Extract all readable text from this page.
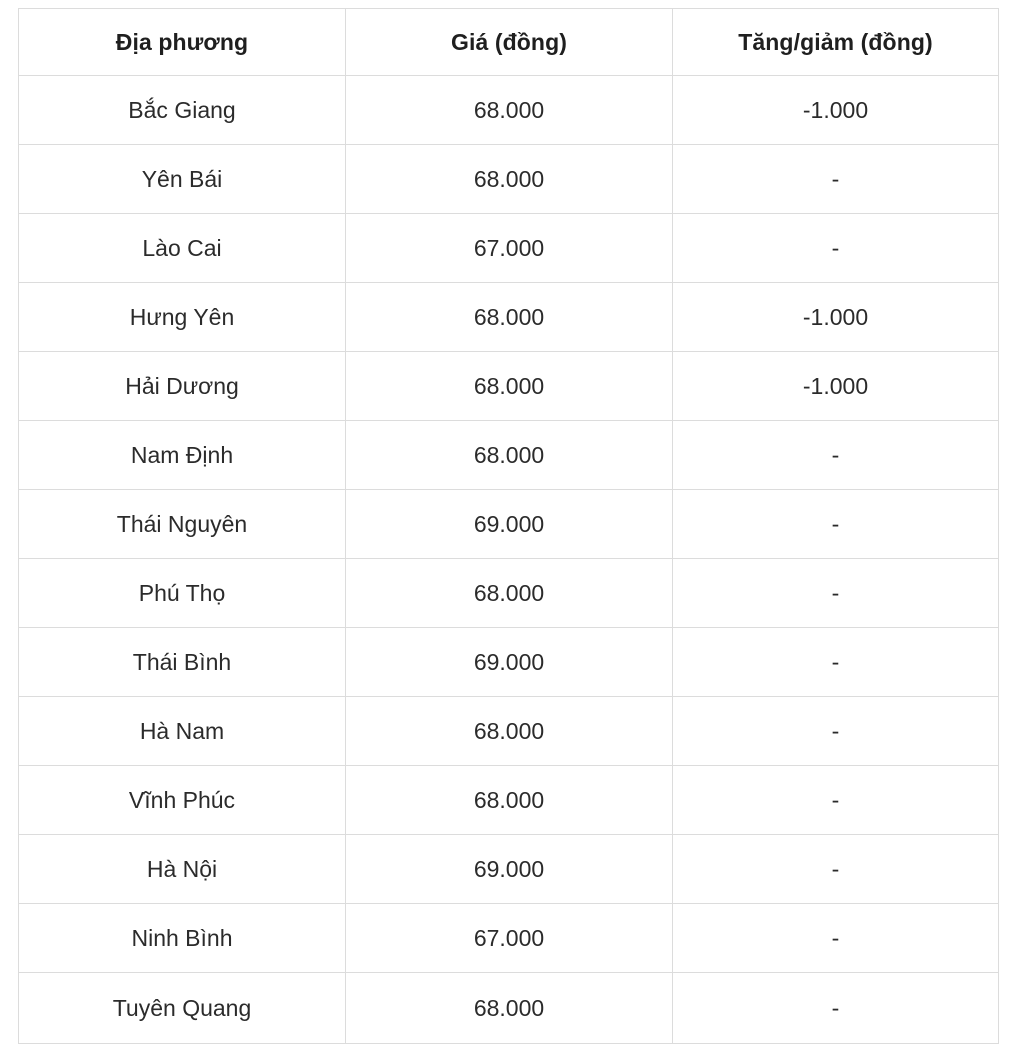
Địa phương	Giá (đồng)	Tăng/giảm (đồng)
Bắc Giang	68.000	-1.000
Yên Bái	68.000	-
Lào Cai	67.000	-
Hưng Yên	68.000	-1.000
Hải Dương	68.000	-1.000
Nam Định	68.000	-
Thái Nguyên	69.000	-
Phú Thọ	68.000	-
Thái Bình	69.000	-
Hà Nam	68.000	-
Vĩnh Phúc	68.000	-
Hà Nội	69.000	-
Ninh Bình	67.000	-
Tuyên Quang	68.000	-
